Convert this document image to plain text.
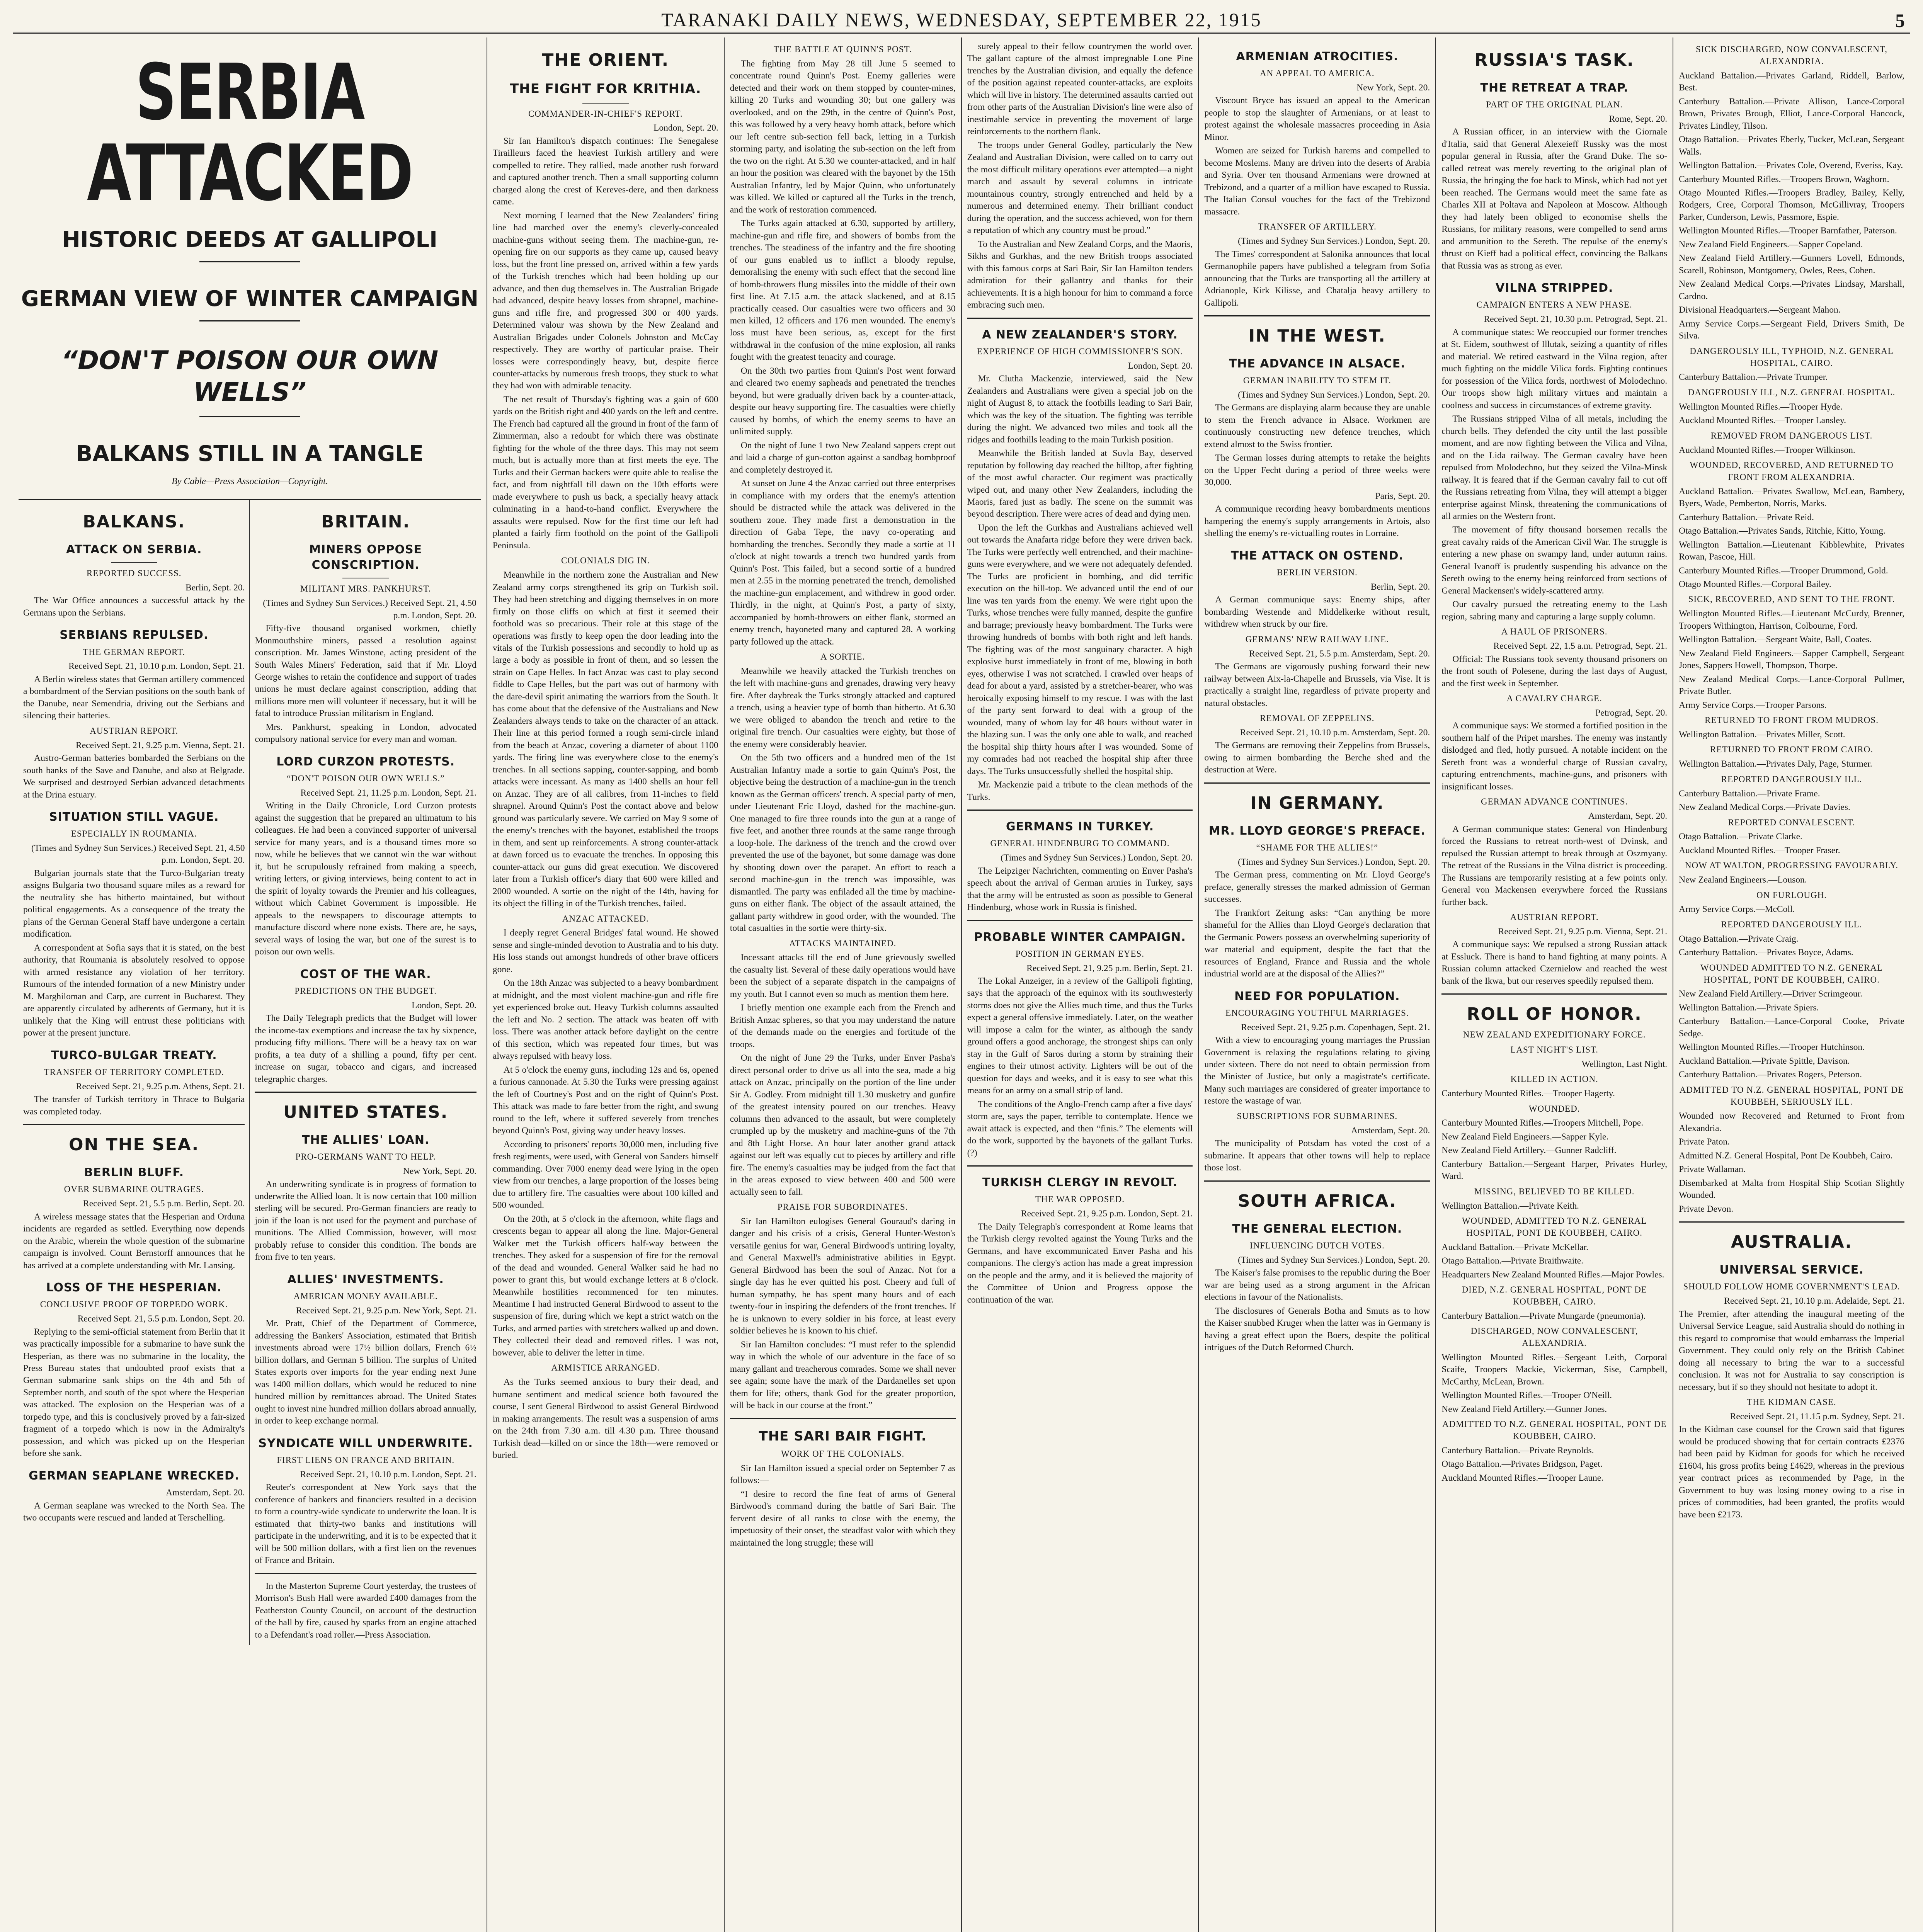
TARANAKI DAILY NEWS, WEDNESDAY, SEPTEMBER 22, 1915	5
SERBIA ATTACKED
HISTORIC DEEDS AT GALLIPOLI
GERMAN VIEW OF WINTER CAMPAIGN
“DON'T POISON OUR OWN WELLS”
BALKANS STILL IN A TANGLE
By Cable—Press Association—Copyright.
BALKANS.
ATTACK ON SERBIA.
REPORTED SUCCESS.
Berlin, Sept. 20.

The War Office announces a successful attack by the Germans upon the Serbians.

SERBIANS REPULSED.
THE GERMAN REPORT.
Received Sept. 21, 10.10 p.m. London, Sept. 21.

A Berlin wireless states that German artillery commenced a bombardment of the Servian positions on the south bank of the Danube, near Semendria, driving out the Serbians and silencing their batteries.

AUSTRIAN REPORT.
Received Sept. 21, 9.25 p.m. Vienna, Sept. 21.

Austro-German batteries bombarded the Serbians on the south banks of the Save and Danube, and also at Belgrade. We surprised and destroyed Serbian advanced detachments at the Drina estuary.

SITUATION STILL VAGUE.
ESPECIALLY IN ROUMANIA.
(Times and Sydney Sun Services.) Received Sept. 21, 4.50 p.m. London, Sept. 20.

Bulgarian journals state that the Turco-Bulgarian treaty assigns Bulgaria two thousand square miles as a reward for the neutrality she has hitherto maintained, but without political engagements. As a consequence of the treaty the plans of the German General Staff have undergone a certain modification.

A correspondent at Sofia says that it is stated, on the best authority, that Roumania is absolutely resolved to oppose with armed resistance any violation of her territory. Rumours of the intended formation of a new Ministry under M. Marghiloman and Carp, are current in Bucharest. They are apparently circulated by adherents of Germany, but it is unlikely that the King will entrust these politicians with power at the present juncture.

TURCO-BULGAR TREATY.
TRANSFER OF TERRITORY COMPLETED.
Received Sept. 21, 9.25 p.m. Athens, Sept. 21.

The transfer of Turkish territory in Thrace to Bulgaria was completed today.

ON THE SEA.
BERLIN BLUFF.
OVER SUBMARINE OUTRAGES.
Received Sept. 21, 5.5 p.m. Berlin, Sept. 20.

A wireless message states that the Hesperian and Orduna incidents are regarded as settled. Everything now depends on the Arabic, wherein the whole question of the submarine campaign is involved. Count Bernstorff announces that he has arrived at a complete understanding with Mr. Lansing.

LOSS OF THE HESPERIAN.
CONCLUSIVE PROOF OF TORPEDO WORK.
Received Sept. 21, 5.5 p.m. London, Sept. 20.

Replying to the semi-official statement from Berlin that it was practically impossible for a submarine to have sunk the Hesperian, as there was no submarine in the locality, the Press Bureau states that undoubted proof exists that a German submarine sank ships on the 4th and 5th of September north, and south of the spot where the Hesperian was attacked. The explosion on the Hesperian was of a torpedo type, and this is conclusively proved by a fair-sized fragment of a torpedo which is now in the Admiralty's possession, and which was picked up on the Hesperian before she sank.

GERMAN SEAPLANE WRECKED.
Amsterdam, Sept. 20.

A German seaplane was wrecked to the North Sea. The two occupants were rescued and landed at Terschelling.

BRITAIN.
MINERS OPPOSE CONSCRIPTION.
MILITANT MRS. PANKHURST.
(Times and Sydney Sun Services.) Received Sept. 21, 4.50 p.m. London, Sept. 20.

Fifty-five thousand organised workmen, chiefly Monmouthshire miners, passed a resolution against conscription. Mr. James Winstone, acting president of the South Wales Miners' Federation, said that if Mr. Lloyd George wishes to retain the confidence and support of trades unions he must declare against conscription, adding that millions more men will volunteer if necessary, but it will be fatal to introduce Prussian militarism in England.

Mrs. Pankhurst, speaking in London, advocated compulsory national service for every man and woman.

LORD CURZON PROTESTS.
“DON'T POISON OUR OWN WELLS.”
Received Sept. 21, 11.25 p.m. London, Sept. 21.

Writing in the Daily Chronicle, Lord Curzon protests against the suggestion that he prepared an ultimatum to his colleagues. He had been a convinced supporter of universal service for many years, and is a thousand times more so now, while he believes that we cannot win the war without it, but he scrupulously refrained from making a speech, writing letters, or giving interviews, being content to act in the spirit of loyalty towards the Premier and his colleagues, without which Cabinet Government is impossible. He appeals to the newspapers to discourage attempts to manufacture discord where none exists. There are, he says, several ways of losing the war, but one of the surest is to poison our own wells.

COST OF THE WAR.
PREDICTIONS ON THE BUDGET.
London, Sept. 20.

The Daily Telegraph predicts that the Budget will lower the income-tax exemptions and increase the tax by sixpence, producing fifty millions. There will be a heavy tax on war profits, a tea duty of a shilling a pound, fifty per cent. increase on sugar, tobacco and cigars, and increased telegraphic charges.

UNITED STATES.
THE ALLIES' LOAN.
PRO-GERMANS WANT TO HELP.
New York, Sept. 20.

An underwriting syndicate is in progress of formation to underwrite the Allied loan. It is now certain that 100 million sterling will be secured. Pro-German financiers are ready to join if the loan is not used for the payment and purchase of munitions. The Allied Commission, however, will most probably refuse to consider this condition. The bonds are from five to ten years.

ALLIES' INVESTMENTS.
AMERICAN MONEY AVAILABLE.
Received Sept. 21, 9.25 p.m. New York, Sept. 21.

Mr. Pratt, Chief of the Department of Commerce, addressing the Bankers' Association, estimated that British investments abroad were 17½ billion dollars, French 6½ billion dollars, and German 5 billion. The surplus of United States exports over imports for the year ending next June was 1400 million dollars, which would be reduced to nine hundred million by remittances abroad. The United States ought to invest nine hundred million dollars abroad annually, in order to keep exchange normal.

SYNDICATE WILL UNDERWRITE.
FIRST LIENS ON FRANCE AND BRITAIN.
Received Sept. 21, 10.10 p.m. London, Sept. 21.

Reuter's correspondent at New York says that the conference of bankers and financiers resulted in a decision to form a country-wide syndicate to underwrite the loan. It is estimated that thirty-two banks and institutions will participate in the underwriting, and it is to be expected that it will be 500 million dollars, with a first lien on the revenues of France and Britain.

In the Masterton Supreme Court yesterday, the trustees of Morrison's Bush Hall were awarded £400 damages from the Featherston County Council, on account of the destruction of the hall by fire, caused by sparks from an engine attached to a Defendant's road roller.—Press Association.

THE ORIENT.
THE FIGHT FOR KRITHIA.
COMMANDER-IN-CHIEF'S REPORT.
London, Sept. 20.

Sir Ian Hamilton's dispatch continues: The Senegalese Tirailleurs faced the heaviest Turkish artillery and were compelled to retire. They rallied, made another rush forward and captured another trench. Then a small supporting column charged along the crest of Kereves-dere, and then darkness came.

Next morning I learned that the New Zealanders' firing line had marched over the enemy's cleverly-concealed machine-guns without seeing them. The machine-gun, re-opening fire on our supports as they came up, caused heavy loss, but the front line pressed on, arrived within a few yards of the Turkish trenches which had been holding up our advance, and then dug themselves in. The Australian Brigade had advanced, despite heavy losses from shrapnel, machine-guns and rifle fire, and progressed 300 or 400 yards. Determined valour was shown by the New Zealand and Australian Brigades under Colonels Johnston and McCay respectively. They are worthy of particular praise. Their losses were correspondingly heavy, but, despite fierce counter-attacks by numerous fresh troops, they stuck to what they had won with admirable tenacity.

The net result of Thursday's fighting was a gain of 600 yards on the British right and 400 yards on the left and centre. The French had captured all the ground in front of the farm of Zimmerman, also a redoubt for which there was obstinate fighting for the whole of the three days. This may not seem much, but is actually more than at first meets the eye. The Turks and their German backers were quite able to realise the fact, and from nightfall till dawn on the 10th efforts were made everywhere to push us back, a specially heavy attack culminating in a hand-to-hand conflict. Everywhere the assaults were repulsed. Now for the first time our left had planted a fairly firm foothold on the point of the Gallipoli Peninsula.

COLONIALS DIG IN.

Meanwhile in the northern zone the Australian and New Zealand army corps strengthened its grip on Turkish soil. They had been stretching and digging themselves in on more firmly on those cliffs on which at first it seemed their foothold was so precarious. Their role at this stage of the operations was firstly to keep open the door leading into the vitals of the Turkish possessions and secondly to hold up as large a body as possible in front of them, and so lessen the strain on Cape Helles. In fact Anzac was cast to play second fiddle to Cape Helles, but the part was out of harmony with the dare-devil spirit animating the warriors from the South. It has come about that the defensive of the Australians and New Zealanders always tends to take on the character of an attack. Their line at this period formed a rough semi-circle inland from the beach at Anzac, covering a diameter of about 1100 yards. The firing line was everywhere close to the enemy's trenches. In all sections sapping, counter-sapping, and bomb attacks were incessant. As many as 1400 shells an hour fell on Anzac. They are of all calibres, from 11-inches to field shrapnel. Around Quinn's Post the contact above and below ground was particularly severe. We carried on May 9 some of the enemy's trenches with the bayonet, established the troops in them, and sent up reinforcements. A strong counter-attack at dawn forced us to evacuate the trenches. In opposing this counter-attack our guns did great execution. We discovered later from a Turkish officer's diary that 600 were killed and 2000 wounded. A sortie on the night of the 14th, having for its object the filling in of the Turkish trenches, failed.

ANZAC ATTACKED.

I deeply regret General Bridges' fatal wound. He showed sense and single-minded devotion to Australia and to his duty. His loss stands out amongst hundreds of other brave officers gone.

On the 18th Anzac was subjected to a heavy bombardment at midnight, and the most violent machine-gun and rifle fire yet experienced broke out. Heavy Turkish columns assaulted the left and No. 2 section. The attack was beaten off with loss. There was another attack before daylight on the centre of this section, which was repeated four times, but was always repulsed with heavy loss.

At 5 o'clock the enemy guns, including 12s and 6s, opened a furious cannonade. At 5.30 the Turks were pressing against the left of Courtney's Post and on the right of Quinn's Post. This attack was made to fare better from the right, and swung round to the left, where it suffered severely from trenches beyond Quinn's Post, giving way under heavy losses.

According to prisoners' reports 30,000 men, including five fresh regiments, were used, with General von Sanders himself commanding. Over 7000 enemy dead were lying in the open view from our trenches, a large proportion of the losses being due to artillery fire. The casualties were about 100 killed and 500 wounded.

On the 20th, at 5 o'clock in the afternoon, white flags and crescents began to appear all along the line. Major-General Walker met the Turkish officers half-way between the trenches. They asked for a suspension of fire for the removal of the dead and wounded. General Walker said he had no power to grant this, but would exchange letters at 8 o'clock. Meanwhile hostilities recommenced for ten minutes. Meantime I had instructed General Birdwood to assent to the suspension of fire, during which we kept a strict watch on the Turks, and armed parties with stretchers walked up and down. They collected their dead and removed rifles. I was not, however, able to deliver the letter in time.

ARMISTICE ARRANGED.

As the Turks seemed anxious to bury their dead, and humane sentiment and medical science both favoured the course, I sent General Birdwood to assist General Birdwood in making arrangements. The result was a suspension of arms on the 24th from 7.30 a.m. till 4.30 p.m. Three thousand Turkish dead—killed on or since the 18th—were removed or buried.

THE BATTLE AT QUINN'S POST.

The fighting from May 28 till June 5 seemed to concentrate round Quinn's Post. Enemy galleries were detected and their work on them stopped by counter-mines, killing 20 Turks and wounding 30; but one gallery was overlooked, and on the 29th, in the centre of Quinn's Post, this was followed by a very heavy bomb attack, before which our left centre sub-section fell back, letting in a Turkish storming party, and isolating the sub-section on the left from the two on the right. At 5.30 we counter-attacked, and in half an hour the position was cleared with the bayonet by the 15th Australian Infantry, led by Major Quinn, who unfortunately was killed. We killed or captured all the Turks in the trench, and the work of restoration commenced.

The Turks again attacked at 6.30, supported by artillery, machine-gun and rifle fire, and showers of bombs from the trenches. The steadiness of the infantry and the fire shooting of our guns enabled us to inflict a bloody repulse, demoralising the enemy with such effect that the second line of bomb-throwers flung missiles into the middle of their own first line. At 7.15 a.m. the attack slackened, and at 8.15 practically ceased. Our casualties were two officers and 30 men killed, 12 officers and 176 men wounded. The enemy's loss must have been serious, as, except for the first withdrawal in the confusion of the mine explosion, all ranks fought with the greatest tenacity and courage.

On the 30th two parties from Quinn's Post went forward and cleared two enemy sapheads and penetrated the trenches beyond, but were gradually driven back by a counter-attack, despite our heavy supporting fire. The casualties were chiefly caused by bombs, of which the enemy seems to have an unlimited supply.

On the night of June 1 two New Zealand sappers crept out and laid a charge of gun-cotton against a sandbag bombproof and completely destroyed it.

At sunset on June 4 the Anzac carried out three enterprises in compliance with my orders that the enemy's attention should be distracted while the attack was delivered in the southern zone. They made first a demonstration in the direction of Gaba Tepe, the navy co-operating and bombarding the trenches. Secondly they made a sortie at 11 o'clock at night towards a trench two hundred yards from Quinn's Post. This failed, but a second sortie of a hundred men at 2.55 in the morning penetrated the trench, demolished the machine-gun emplacement, and withdrew in good order. Thirdly, in the night, at Quinn's Post, a party of sixty, accompanied by bomb-throwers on either flank, stormed an enemy trench, bayoneted many and captured 28. A working party followed up the attack.

A SORTIE.

Meanwhile we heavily attacked the Turkish trenches on the left with machine-guns and grenades, drawing very heavy fire. After daybreak the Turks strongly attacked and captured a trench, using a heavier type of bomb than hitherto. At 6.30 we were obliged to abandon the trench and retire to the original fire trench. Our casualties were eighty, but those of the enemy were considerably heavier.

On the 5th two officers and a hundred men of the 1st Australian Infantry made a sortie to gain Quinn's Post, the objective being the destruction of a machine-gun in the trench known as the German officers' trench. A special party of men, under Lieutenant Eric Lloyd, dashed for the machine-gun. One managed to fire three rounds into the gun at a range of five feet, and another three rounds at the same range through a loop-hole. The darkness of the trench and the crowd over prevented the use of the bayonet, but some damage was done by shooting down over the parapet. An effort to reach a second machine-gun in the trench was impossible, was dismantled. The party was enfiladed all the time by machine-guns on either flank. The object of the assault attained, the gallant party withdrew in good order, with the wounded. The total casualties in the sortie were thirty-six.

ATTACKS MAINTAINED.

Incessant attacks till the end of June grievously swelled the casualty list. Several of these daily operations would have been the subject of a separate dispatch in the campaigns of my youth. But I cannot even so much as mention them here.

I briefly mention one example each from the French and British Anzac spheres, so that you may understand the nature of the demands made on the energies and fortitude of the troops.

On the night of June 29 the Turks, under Enver Pasha's direct personal order to drive us all into the sea, made a big attack on Anzac, principally on the portion of the line under Sir A. Godley. From midnight till 1.30 musketry and gunfire of the greatest intensity poured on our trenches. Heavy columns then advanced to the assault, but were completely crumpled up by the musketry and machine-guns of the 7th and 8th Light Horse. An hour later another grand attack against our left was equally cut to pieces by artillery and rifle fire. The enemy's casualties may be judged from the fact that in the areas exposed to view between 400 and 500 were actually seen to fall.

PRAISE FOR SUBORDINATES.

Sir Ian Hamilton eulogises General Gouraud's daring in danger and his crisis of a crisis, General Hunter-Weston's versatile genius for war, General Birdwood's untiring loyalty, and General Maxwell's administrative abilities in Egypt. General Birdwood has been the soul of Anzac. Not for a single day has he ever quitted his post. Cheery and full of human sympathy, he has spent many hours and of each twenty-four in inspiring the defenders of the front trenches. If he is unknown to every soldier in his force, at least every soldier believes he is known to his chief.

Sir Ian Hamilton concludes: “I must refer to the splendid way in which the whole of our adventure in the face of so many gallant and treacherous comrades. Some we shall never see again; some have the mark of the Dardanelles set upon them for life; others, thank God for the greater proportion, will be back in our course at the front.”

THE SARI BAIR FIGHT.
WORK OF THE COLONIALS.

Sir Ian Hamilton issued a special order on September 7 as follows:—

“I desire to record the fine feat of arms of General Birdwood's command during the battle of Sari Bair. The fervent desire of all ranks to close with the enemy, the impetuosity of their onset, the steadfast valor with which they maintained the long struggle; these will

surely appeal to their fellow countrymen the world over. The gallant capture of the almost impregnable Lone Pine trenches by the Australian division, and equally the defence of the position against repeated counter-attacks, are exploits which will live in history. The determined assaults carried out from other parts of the Australian Division's line were also of inestimable service in preventing the movement of large reinforcements to the northern flank.

The troops under General Godley, particularly the New Zealand and Australian Division, were called on to carry out the most difficult military operations ever attempted—a night march and assault by several columns in intricate mountainous country, strongly entrenched and held by a numerous and determined enemy. Their brilliant conduct during the operation, and the success achieved, won for them a reputation of which any country must be proud.”

To the Australian and New Zealand Corps, and the Maoris, Sikhs and Gurkhas, and the new British troops associated with this famous corps at Sari Bair, Sir Ian Hamilton tenders admiration for their gallantry and thanks for their achievements. It is a high honour for him to command a force embracing such men.

A NEW ZEALANDER'S STORY.
EXPERIENCE OF HIGH COMMISSIONER'S SON.
London, Sept. 20.

Mr. Clutha Mackenzie, interviewed, said the New Zealanders and Australians were given a special job on the night of August 8, to attack the footbills leading to Sari Bair, which was the key of the situation. The fighting was terrible during the night. We advanced two miles and took all the ridges and foothills leading to the main Turkish position.

Meanwhile the British landed at Suvla Bay, deserved reputation by following day reached the hilltop, after fighting of the most awful character. Our regiment was practically wiped out, and many other New Zealanders, including the Maoris, fared just as badly. The scene on the summit was beyond description. There were acres of dead and dying men.

Upon the left the Gurkhas and Australians achieved well out towards the Anafarta ridge before they were driven back. The Turks were perfectly well entrenched, and their machine-guns were everywhere, and we were not adequately defended. The Turks are proficient in bombing, and did terrific execution on the hill-top. We advanced until the end of our line was ten yards from the enemy. We were right upon the Turks, whose trenches were fully manned, despite the gunfire and barrage; previously heavy bombardment. The Turks were throwing hundreds of bombs with both right and left hands. The fighting was of the most sanguinary character. A high explosive burst immediately in front of me, blowing in both eyes, otherwise I was not scratched. I crawled over heaps of dead for about a yard, assisted by a stretcher-bearer, who was heroically exposing himself to my rescue. I was with the last of the party sent forward to deal with a group of the wounded, many of whom lay for 48 hours without water in the blazing sun. I was the only one able to walk, and reached the hospital ship thirty hours after I was wounded. Some of my comrades had not reached the hospital ship after three days. The Turks unsuccessfully shelled the hospital ship.

Mr. Mackenzie paid a tribute to the clean methods of the Turks.

GERMANS IN TURKEY.
GENERAL HINDENBURG TO COMMAND.
(Times and Sydney Sun Services.) London, Sept. 20.

The Leipziger Nachrichten, commenting on Enver Pasha's speech about the arrival of German armies in Turkey, says that the army will be entrusted as soon as possible to General Hindenburg, whose work in Russia is finished.

PROBABLE WINTER CAMPAIGN.
POSITION IN GERMAN EYES.
Received Sept. 21, 9.25 p.m. Berlin, Sept. 21.

The Lokal Anzeiger, in a review of the Gallipoli fighting, says that the approach of the equinox with its southwesterly storms does not give the Allies much time, and thus the Turks expect a general offensive immediately. Later, on the weather will impose a calm for the winter, as although the sandy ground offers a good anchorage, the strongest ships can only stay in the Gulf of Saros during a storm by straining their engines to their utmost activity. Lighters will be out of the question for days and weeks, and it is easy to see what this means for an army on a small strip of land.

The conditions of the Anglo-French camp after a five days' storm are, says the paper, terrible to contemplate. Hence we await attack is expected, and then “finis.” The elements will do the work, supported by the bayonets of the gallant Turks. (?)

TURKISH CLERGY IN REVOLT.
THE WAR OPPOSED.
Received Sept. 21, 9.25 p.m. London, Sept. 21.

The Daily Telegraph's correspondent at Rome learns that the Turkish clergy revolted against the Young Turks and the Germans, and have excommunicated Enver Pasha and his companions. The clergy's action has made a great impression on the people and the army, and it is believed the majority of the Committee of Union and Progress oppose the continuation of the war.

ARMENIAN ATROCITIES.
AN APPEAL TO AMERICA.
New York, Sept. 20.

Viscount Bryce has issued an appeal to the American people to stop the slaughter of Armenians, or at least to protest against the wholesale massacres proceeding in Asia Minor.

Women are seized for Turkish harems and compelled to become Moslems. Many are driven into the deserts of Arabia and Syria. Over ten thousand Armenians were drowned at Trebizond, and a quarter of a million have escaped to Russia. The Italian Consul vouches for the fact of the Trebizond massacre.

TRANSFER OF ARTILLERY.
(Times and Sydney Sun Services.) London, Sept. 20.

The Times' correspondent at Salonika announces that local Germanophile papers have published a telegram from Sofia announcing that the Turks are transporting all the artillery at Adrianople, Kirk Kilisse, and Chatalja heavy artillery to Gallipoli.

IN THE WEST.
THE ADVANCE IN ALSACE.
GERMAN INABILITY TO STEM IT.
(Times and Sydney Sun Services.) London, Sept. 20.

The Germans are displaying alarm because they are unable to stem the French advance in Alsace. Workmen are continuously constructing new defence trenches, which extend almost to the Swiss frontier.

The German losses during attempts to retake the heights on the Upper Fecht during a period of three weeks were 30,000.

Paris, Sept. 20.

A communique recording heavy bombardments mentions hampering the enemy's supply arrangements in Artois, also shelling the enemy's re-victualling routes in Lorraine.

THE ATTACK ON OSTEND.
BERLIN VERSION.
Berlin, Sept. 20.

A German communique says: Enemy ships, after bombarding Westende and Middelkerke without result, withdrew when struck by our fire.

GERMANS' NEW RAILWAY LINE.
Received Sept. 21, 5.5 p.m. Amsterdam, Sept. 20.

The Germans are vigorously pushing forward their new railway between Aix-la-Chapelle and Brussels, via Vise. It is practically a straight line, regardless of private property and natural obstacles.

REMOVAL OF ZEPPELINS.
Received Sept. 21, 10.10 p.m. Amsterdam, Sept. 20.

The Germans are removing their Zeppelins from Brussels, owing to airmen bombarding the Berche shed and the destruction at Were.

IN GERMANY.
MR. LLOYD GEORGE'S PREFACE.
“SHAME FOR THE ALLIES!”
(Times and Sydney Sun Services.) London, Sept. 20.

The German press, commenting on Mr. Lloyd George's preface, generally stresses the marked admission of German successes.

The Frankfort Zeitung asks: “Can anything be more shameful for the Allies than Lloyd George's declaration that the Germanic Powers possess an overwhelming superiority of war material and equipment, despite the fact that the resources of England, France and Russia and the whole industrial world are at the disposal of the Allies?”

NEED FOR POPULATION.
ENCOURAGING YOUTHFUL MARRIAGES.
Received Sept. 21, 9.25 p.m. Copenhagen, Sept. 21.

With a view to encouraging young marriages the Prussian Government is relaxing the regulations relating to giving under sixteen. There do not need to obtain permission from the Minister of Justice, but only a magistrate's certificate. Many such marriages are considered of greater importance to restore the wastage of war.

SUBSCRIPTIONS FOR SUBMARINES.
Amsterdam, Sept. 20.

The municipality of Potsdam has voted the cost of a submarine. It appears that other towns will help to replace those lost.

SOUTH AFRICA.
THE GENERAL ELECTION.
INFLUENCING DUTCH VOTES.
(Times and Sydney Sun Services.) London, Sept. 20.

The Kaiser's false promises to the republic during the Boer war are being used as a strong argument in the African elections in favour of the Nationalists.

The disclosures of Generals Botha and Smuts as to how the Kaiser snubbed Kruger when the latter was in Germany is having a great effect upon the Boers, despite the political intrigues of the Dutch Reformed Church.

RUSSIA'S TASK.
THE RETREAT A TRAP.
PART OF THE ORIGINAL PLAN.
Rome, Sept. 20.

A Russian officer, in an interview with the Giornale d'Italia, said that General Alexeieff Russky was the most popular general in Russia, after the Grand Duke. The so-called retreat was merely reverting to the original plan of Russia, the bringing the foe back to Minsk, which had not yet been reached. The Germans would meet the same fate as Charles XII at Poltava and Napoleon at Moscow. Although they had lately been obliged to economise shells the Russians, for military reasons, were compelled to send arms and ammunition to the Sereth. The repulse of the enemy's thrust on Kieff had a political effect, convincing the Balkans that Russia was as strong as ever.

VILNA STRIPPED.
CAMPAIGN ENTERS A NEW PHASE.
Received Sept. 21, 10.30 p.m. Petrograd, Sept. 21.

A communique states: We reoccupied our former trenches at St. Eidem, southwest of Illutak, seizing a quantity of rifles and material. We retired eastward in the Vilna region, after much fighting on the middle Vilica fords. Fighting continues for possession of the Vilica fords, northwest of Molodechno. Our troops show high military virtues and maintain a coolness and success in circumstances of extreme gravity.

The Russians stripped Vilna of all metals, including the church bells. They defended the city until the last possible moment, and are now fighting between the Vilica and Vilna, and on the Lida railway. The German cavalry have been repulsed from Molodechno, but they seized the Vilna-Minsk railway. It is feared that if the German cavalry fail to cut off the Russians retreating from Vilna, they will attempt a bigger enterprise against Minsk, threatening the communications of all armies on the Western front.

The movement of fifty thousand horsemen recalls the great cavalry raids of the American Civil War. The struggle is entering a new phase on swampy land, under autumn rains. General Ivanoff is prudently suspending his advance on the Sereth owing to the enemy being reinforced from sections of General Mackensen's widely-scattered army.

Our cavalry pursued the retreating enemy to the Lash region, sabring many and capturing a large supply column.

A HAUL OF PRISONERS.
Received Sept. 22, 1.5 a.m. Petrograd, Sept. 21.

Official: The Russians took seventy thousand prisoners on the front south of Polesene, during the last days of August, and the first week in September.

A CAVALRY CHARGE.
Petrograd, Sept. 20.

A communique says: We stormed a fortified position in the southern half of the Pripet marshes. The enemy was instantly dislodged and fled, hotly pursued. A notable incident on the Sereth front was a wonderful charge of Russian cavalry, capturing entrenchments, machine-guns, and prisoners with insignificant losses.

GERMAN ADVANCE CONTINUES.
Amsterdam, Sept. 20.

A German communique states: General von Hindenburg forced the Russians to retreat north-west of Dvinsk, and repulsed the Russian attempt to break through at Oszmyany. The retreat of the Russians in the Vilna district is proceeding. The Russians are temporarily resisting at a few points only. General von Mackensen everywhere forced the Russians further back.

AUSTRIAN REPORT.
Received Sept. 21, 9.25 p.m. Vienna, Sept. 21.

A communique says: We repulsed a strong Russian attack at Essluck. There is hand to hand fighting at many points. A Russian column attacked Czernielow and reached the west bank of the Ikwa, but our reserves speedily repulsed them.

ROLL OF HONOR.
NEW ZEALAND EXPEDITIONARY FORCE.
LAST NIGHT'S LIST.
Wellington, Last Night.
KILLED IN ACTION.

Canterbury Mounted Rifles.—Trooper Hagerty.

WOUNDED.

Canterbury Mounted Rifles.—Troopers Mitchell, Pope.

New Zealand Field Engineers.—Sapper Kyle.

New Zealand Field Artillery.—Gunner Radcliff.

Canterbury Battalion.—Sergeant Harper, Privates Hurley, Ward.

MISSING, BELIEVED TO BE KILLED.

Wellington Battalion.—Private Keith.

WOUNDED, ADMITTED TO N.Z. GENERAL HOSPITAL, PONT DE KOUBBEH, CAIRO.

Auckland Battalion.—Private McKellar.

Otago Battalion.—Private Braithwaite.

Headquarters New Zealand Mounted Rifles.—Major Powles.

DIED, N.Z. GENERAL HOSPITAL, PONT DE KOUBBEH, CAIRO.

Canterbury Battalion.—Private Mungarde (pneumonia).

DISCHARGED, NOW CONVALESCENT, ALEXANDRIA.

Wellington Mounted Rifles.—Sergeant Leith, Corporal Scaife, Troopers Mackie, Vickerman, Sise, Campbell, McCarthy, McLean, Brown.

Wellington Mounted Rifles.—Trooper O'Neill.

New Zealand Field Artillery.—Gunner Jones.

ADMITTED TO N.Z. GENERAL HOSPITAL, PONT DE KOUBBEH, CAIRO.

Canterbury Battalion.—Private Reynolds.

Otago Battalion.—Privates Bridgson, Paget.

Auckland Mounted Rifles.—Trooper Laune.

SICK DISCHARGED, NOW CONVALESCENT, ALEXANDRIA.

Auckland Battalion.—Privates Garland, Riddell, Barlow, Best.

Canterbury Battalion.—Private Allison, Lance-Corporal Brown, Privates Brough, Elliot, Lance-Corporal Hancock, Privates Lindley, Tilson.

Otago Battalion.—Privates Eberly, Tucker, McLean, Sergeant Walls.

Wellington Battalion.—Privates Cole, Overend, Everiss, Kay.

Canterbury Mounted Rifles.—Troopers Brown, Waghorn.

Otago Mounted Rifles.—Troopers Bradley, Bailey, Kelly, Rodgers, Cree, Corporal Thomson, McGillivray, Troopers Parker, Cunderson, Lewis, Passmore, Espie.

Wellington Mounted Rifles.—Trooper Barnfather, Paterson.

New Zealand Field Engineers.—Sapper Copeland.

New Zealand Field Artillery.—Gunners Lovell, Edmonds, Scarell, Robinson, Montgomery, Owles, Rees, Cohen.

New Zealand Medical Corps.—Privates Lindsay, Marshall, Cardno.

Divisional Headquarters.—Sergeant Mahon.

Army Service Corps.—Sergeant Field, Drivers Smith, De Silva.

DANGEROUSLY ILL, TYPHOID, N.Z. GENERAL HOSPITAL, CAIRO.

Canterbury Battalion.—Private Trumper.

DANGEROUSLY ILL, N.Z. GENERAL HOSPITAL.

Wellington Mounted Rifles.—Trooper Hyde.

Auckland Mounted Rifles.—Trooper Lansley.

REMOVED FROM DANGEROUS LIST.

Auckland Mounted Rifles.—Trooper Wilkinson.

WOUNDED, RECOVERED, AND RETURNED TO FRONT FROM ALEXANDRIA.

Auckland Battalion.—Privates Swallow, McLean, Bambery, Byers, Wade, Pemberton, Norris, Marks.

Canterbury Battalion.—Private Reid.

Otago Battalion.—Privates Sands, Ritchie, Kitto, Young.

Wellington Battalion.—Lieutenant Kibblewhite, Privates Rowan, Pascoe, Hill.

Canterbury Mounted Rifles.—Trooper Drummond, Gold.

Otago Mounted Rifles.—Corporal Bailey.

SICK, RECOVERED, AND SENT TO THE FRONT.

Wellington Mounted Rifles.—Lieutenant McCurdy, Brenner, Troopers Withington, Harrison, Colbourne, Ford.

Wellington Battalion.—Sergeant Waite, Ball, Coates.

New Zealand Field Engineers.—Sapper Campbell, Sergeant Jones, Sappers Howell, Thompson, Thorpe.

New Zealand Medical Corps.—Lance-Corporal Pullmer, Private Butler.

Army Service Corps.—Trooper Parsons.

RETURNED TO FRONT FROM MUDROS.

Wellington Battalion.—Privates Miller, Scott.

RETURNED TO FRONT FROM CAIRO.

Wellington Battalion.—Privates Daly, Page, Sturmer.

REPORTED DANGEROUSLY ILL.

Canterbury Battalion.—Private Frame.

New Zealand Medical Corps.—Private Davies.

REPORTED CONVALESCENT.

Otago Battalion.—Private Clarke.

Auckland Mounted Rifles.—Trooper Fraser.

NOW AT WALTON, PROGRESSING FAVOURABLY.

New Zealand Engineers.—Louson.

ON FURLOUGH.

Army Service Corps.—McColl.

REPORTED DANGEROUSLY ILL.

Otago Battalion.—Private Craig.

Canterbury Battalion.—Privates Boyce, Adams.

WOUNDED ADMITTED TO N.Z. GENERAL HOSPITAL, PONT DE KOUBBEH, CAIRO.

New Zealand Field Artillery.—Driver Scrimgeour.

Wellington Battalion.—Private Spiers.

Canterbury Battalion.—Lance-Corporal Cooke, Private Sedge.

Wellington Mounted Rifles.—Trooper Hutchinson.

Auckland Battalion.—Private Spittle, Davison.

Canterbury Battalion.—Privates Rogers, Peterson.

ADMITTED TO N.Z. GENERAL HOSPITAL, PONT DE KOUBBEH, SERIOUSLY ILL.

Wounded now Recovered and Returned to Front from Alexandria.

Private Paton.

Admitted N.Z. General Hospital, Pont De Koubbeh, Cairo.

Private Wallaman.

Disembarked at Malta from Hospital Ship Scotian Slightly Wounded.

Private Devon.

AUSTRALIA.
UNIVERSAL SERVICE.
SHOULD FOLLOW HOME GOVERNMENT'S LEAD.
Received Sept. 21, 10.10 p.m. Adelaide, Sept. 21.

The Premier, after attending the inaugural meeting of the Universal Service League, said Australia should do nothing in this regard to compromise that would embarrass the Imperial Government. They could only rely on the British Cabinet doing all necessary to bring the war to a successful conclusion. It was not for Australia to say conscription is necessary, but if so they should not hesitate to adopt it.

THE KIDMAN CASE.
Received Sept. 21, 11.15 p.m. Sydney, Sept. 21.

In the Kidman case counsel for the Crown said that figures would be produced showing that for certain contracts £2376 had been paid by Kidman for goods for which he received £1604, his gross profits being £4629, whereas in the previous year contract prices as recommended by Page, in the Government to buy was losing money owing to a rise in prices of commodities, had been granted, the profits would have been £2173.
